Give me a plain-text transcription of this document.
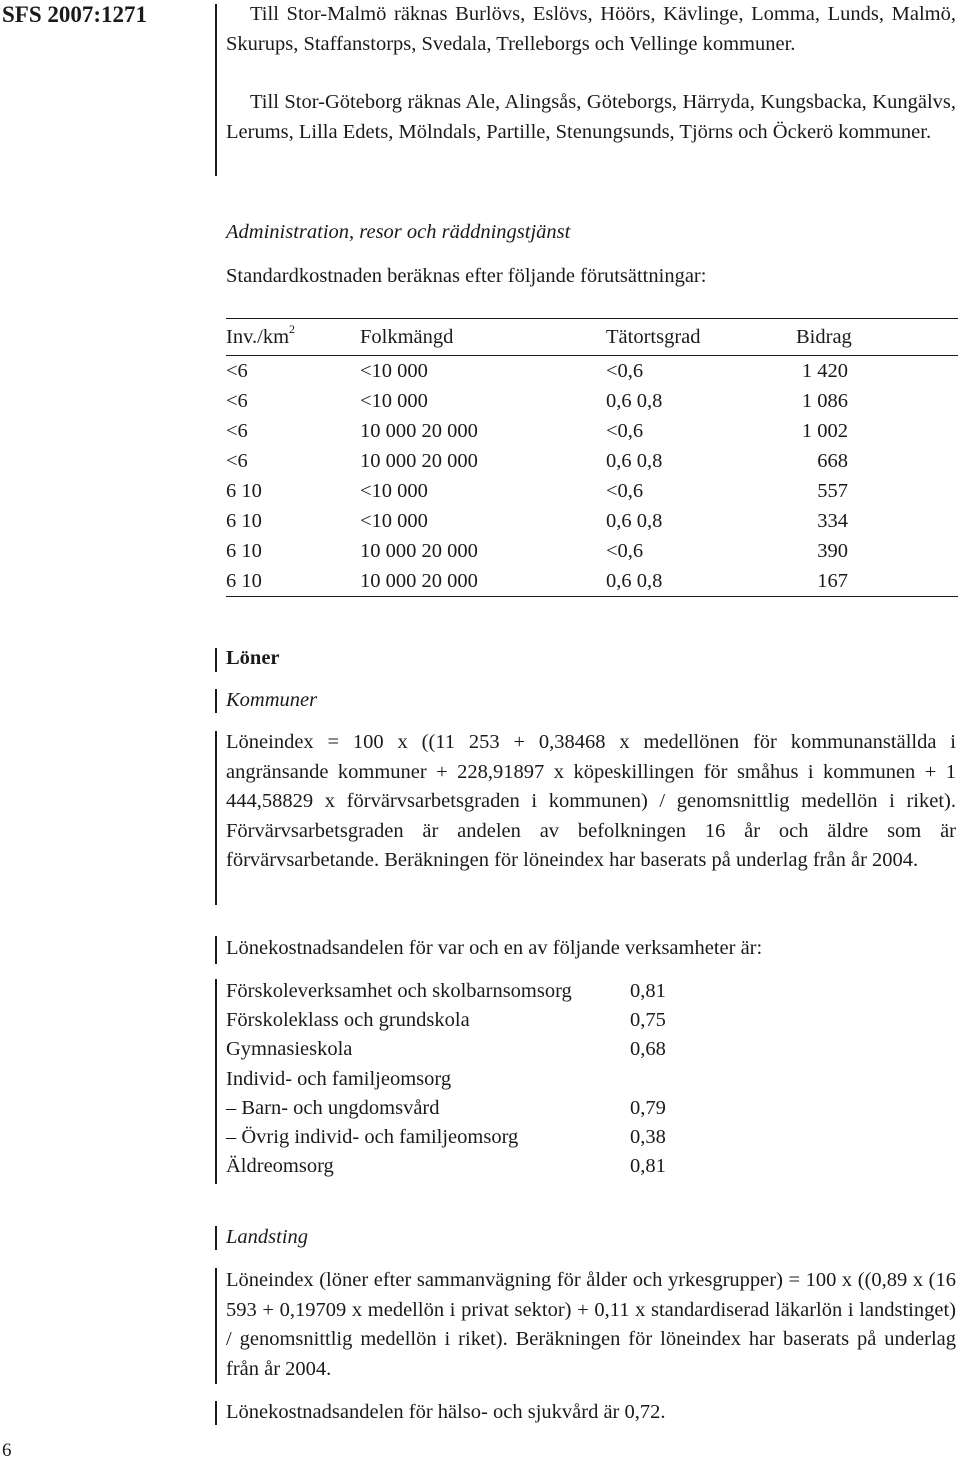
SFS 2007:1271	Till Stor-Malmö räknas Burlövs, Eslövs, Höörs, Kävlinge, Lomma, Lunds, Malmö, Skurups, Staffanstorps, Svedala, Trelleborgs och Vellinge kommuner.
Till Stor-Göteborg räknas Ale, Alingsås, Göteborgs, Härryda, Kungsbacka, Kungälvs, Lerums, Lilla Edets, Mölndals, Partille, Stenungsunds, Tjörns och Öckerö kommuner.
Administration, resor och räddningstjänst
Standardkostnaden beräknas efter följande förutsättningar:
$Inv./km^2$	Folkmängd	Tätortsgrad	Bidrag
<6	<10 000	<0,6	1 420
<6	<10 000	0,6 0,8	1 086
<6	10 000 20 000	<0,6	1 002
<6	10 000 20 000	0,6 0,8	668
6 10	<10 000	<0,6	557
6 10	<10 000	0,6 0,8	334
6 10	10 000 20 000	<0,6	390
6 10	10 000 20 000	0,6 0,8	167
Löner
Kommuner
Löneindex = 100 x ((11 253 + 0,38468 x medellönen för kommunanställda i angränsande kommuner + 228,91897 x köpeskillingen för småhus i kommunen + 1 444,58829 x förvärvsarbetsgraden i kommunen) / genomsnittlig medellön i riket). Förvärvsarbetsgraden är andelen av befolkningen 16 år och äldre som är förvärvsarbetande. Beräkningen för löneindex har baserats på underlag från år 2004.
Lönekostnadsandelen för var och en av följande verksamheter är:
Förskoleverksamhet och skolbarnsomsorg	0,81
Förskoleklass och grundskola	0,75
Gymnasieskola	0,68
Individ- och familjeomsorg	
– Barn- och ungdomsvård	0,79
– Övrig individ- och familjeomsorg	0,38
Äldreomsorg	0,81
Landsting
Löneindex (löner efter sammanvägning för ålder och yrkesgrupper) = 100 x ((0,89 x (16 593 + 0,19709 x medellön i privat sektor) + 0,11 x standardiserad läkarlön i landstinget) / genomsnittlig medellön i riket). Beräkningen för löneindex har baserats på underlag från år 2004.
Lönekostnadsandelen för hälso- och sjukvård är 0,72.
6
